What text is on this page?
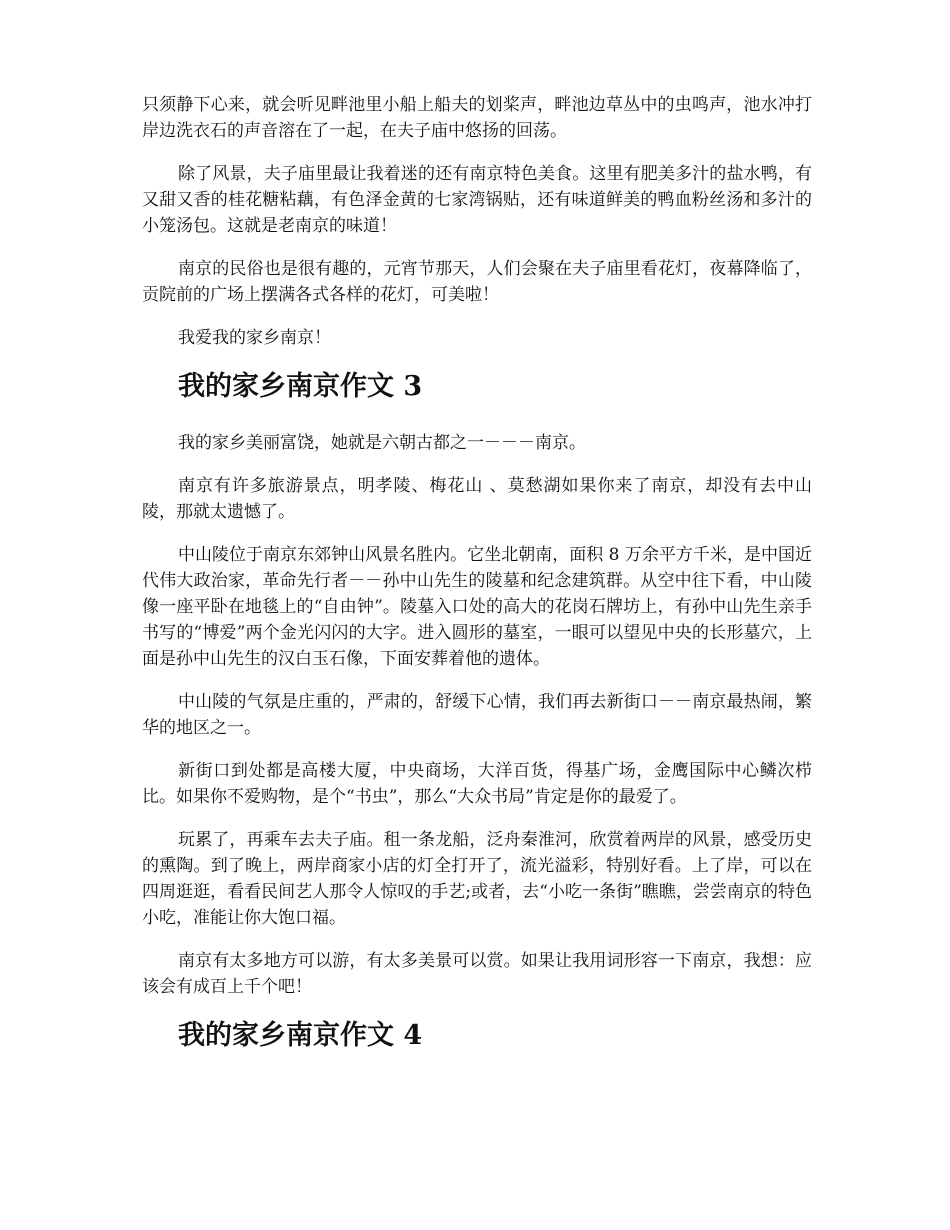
只须静下心来，就会听见畔池里小船上船夫的划桨声，畔池边草丛中的虫鸣声，池水冲打岸边洗衣石的声音溶在了一起，在夫子庙中悠扬的回荡。

除了风景，夫子庙里最让我着迷的还有南京特色美食。这里有肥美多汁的盐水鸭，有又甜又香的桂花糖粘藕，有色泽金黄的七家湾锅贴，还有味道鲜美的鸭血粉丝汤和多汁的小笼汤包。这就是老南京的味道！

南京的民俗也是很有趣的，元宵节那天，人们会聚在夫子庙里看花灯，夜幕降临了，贡院前的广场上摆满各式各样的花灯，可美啦！

我爱我的家乡南京！

我的家乡南京作文 3

我的家乡美丽富饶，她就是六朝古都之一－－－南京。

南京有许多旅游景点，明孝陵、梅花山 、莫愁湖如果你来了南京，却没有去中山陵，那就太遗憾了。

中山陵位于南京东郊钟山风景名胜内。它坐北朝南，面积 8 万余平方千米，是中国近代伟大政治家，革命先行者－－孙中山先生的陵墓和纪念建筑群。从空中往下看，中山陵像一座平卧在地毯上的“自由钟”。陵墓入口处的高大的花岗石牌坊上，有孙中山先生亲手书写的“博爱”两个金光闪闪的大字。进入圆形的墓室，一眼可以望见中央的长形墓穴，上面是孙中山先生的汉白玉石像，下面安葬着他的遗体。

中山陵的气氛是庄重的，严肃的，舒缓下心情，我们再去新街口－－南京最热闹，繁华的地区之一。

新街口到处都是高楼大厦，中央商场，大洋百货，得基广场，金鹰国际中心鳞次栉比。如果你不爱购物，是个“书虫”，那么“大众书局”肯定是你的最爱了。

玩累了，再乘车去夫子庙。租一条龙船，泛舟秦淮河，欣赏着两岸的风景，感受历史的熏陶。到了晚上，两岸商家小店的灯全打开了，流光溢彩，特别好看。上了岸，可以在四周逛逛，看看民间艺人那令人惊叹的手艺;或者，去“小吃一条街”瞧瞧，尝尝南京的特色小吃，准能让你大饱口福。

南京有太多地方可以游，有太多美景可以赏。如果让我用词形容一下南京，我想：应该会有成百上千个吧！

我的家乡南京作文 4
